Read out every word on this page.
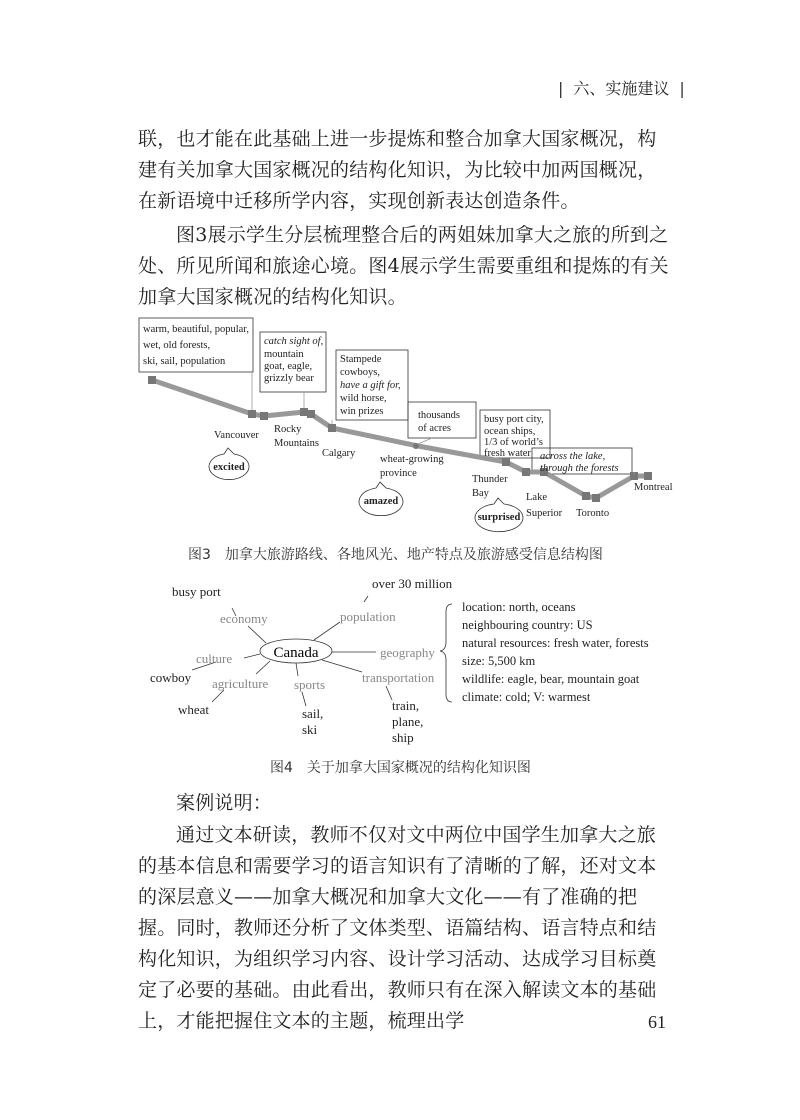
| 六、实施建议 |
联，也才能在此基础上进一步提炼和整合加拿大国家概况，构建有关加拿大国家概况的结构化知识，为比较中加两国概况，在新语境中迁移所学内容，实现创新表达创造条件。
图3展示学生分层梳理整合后的两姐妹加拿大之旅的所到之处、所见所闻和旅途心境。图4展示学生需要重组和提炼的有关加拿大国家概况的结构化知识。
warm, beautiful, popular,
wet, old forests,
ski, sail, population
catch sight of,
mountain
goat, eagle,
grizzly bear
Stampede
cowboys,
have a gift for,
wild horse,
win prizes	thousands
of acres
busy port city,
ocean ships,
1/3 of world’s
fresh water across the lake,
through the forests
Vancouver
Rocky
Mountains
Calgary
wheat-growing
province
Thunder
Bay	Lake
Superior Toronto
Montreal
excited
amazed
surprised
图3　加拿大旅游路线、各地风光、地产特点及旅游感受信息结构图
Canada
economy	population
geography
culture
agriculture sports	transportation
busy port
over 30 million
cowboy
wheat	sail,
ski
train,
plane,
ship
location: north, oceans
neighbouring country: US
natural resources: fresh water, forests
size: 5,500 km
wildlife: eagle, bear, mountain goat
climate: cold; V: warmest
图4　关于加拿大国家概况的结构化知识图
案例说明：
通过文本研读，教师不仅对文中两位中国学生加拿大之旅的基本信息和需要学习的语言知识有了清晰的了解，还对文本的深层意义——加拿大概况和加拿大文化——有了准确的把握。同时，教师还分析了文体类型、语篇结构、语言特点和结构化知识，为组织学习内容、设计学习活动、达成学习目标奠定了必要的基础。由此看出，教师只有在深入解读文本的基础上，才能把握住文本的主题，梳理出学	61
